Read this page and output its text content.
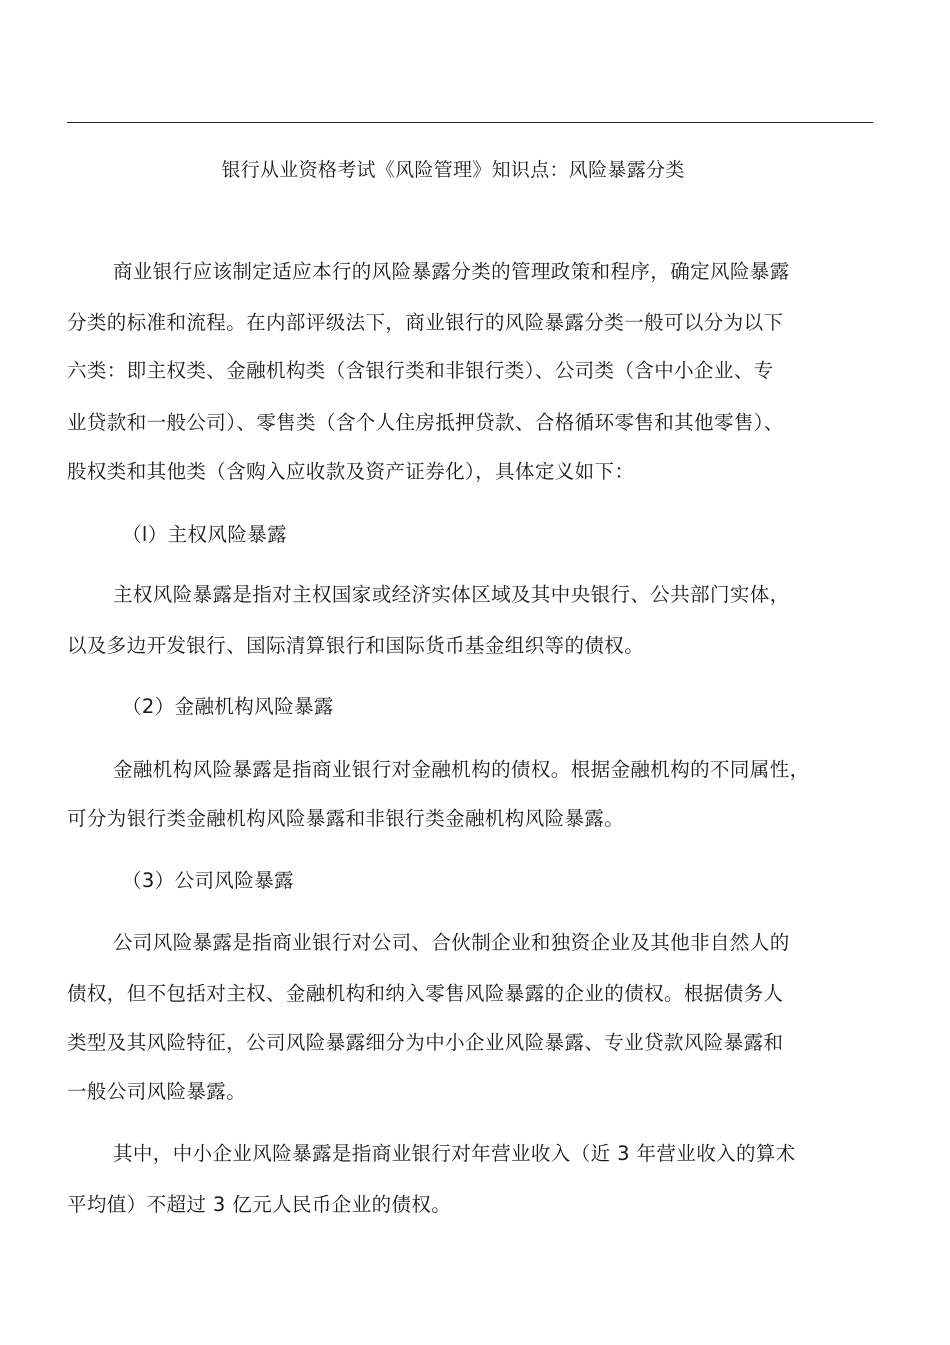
银行从业资格考试《风险管理》知识点：风险暴露分类
商业银行应该制定适应本行的风险暴露分类的管理政策和程序，确定风险暴露
分类的标准和流程。在内部评级法下，商业银行的风险暴露分类一般可以分为以下
六类：即主权类、金融机构类（含银行类和非银行类）、公司类（含中小企业、专
业贷款和一般公司）、零售类（含个人住房抵押贷款、合格循环零售和其他零售）、
股权类和其他类（含购入应收款及资产证券化），具体定义如下：
（l）主权风险暴露
主权风险暴露是指对主权国家或经济实体区域及其中央银行、公共部门实体，
以及多边开发银行、国际清算银行和国际货币基金组织等的债权。
（2）金融机构风险暴露
金融机构风险暴露是指商业银行对金融机构的债权。根据金融机构的不同属性，
可分为银行类金融机构风险暴露和非银行类金融机构风险暴露。
（3）公司风险暴露
公司风险暴露是指商业银行对公司、合伙制企业和独资企业及其他非自然人的
债权，但不包括对主权、金融机构和纳入零售风险暴露的企业的债权。根据债务人
类型及其风险特征，公司风险暴露细分为中小企业风险暴露、专业贷款风险暴露和
一般公司风险暴露。
其中，中小企业风险暴露是指商业银行对年营业收入（近 3 年营业收入的算术
平均值）不超过 3 亿元人民币企业的债权。
